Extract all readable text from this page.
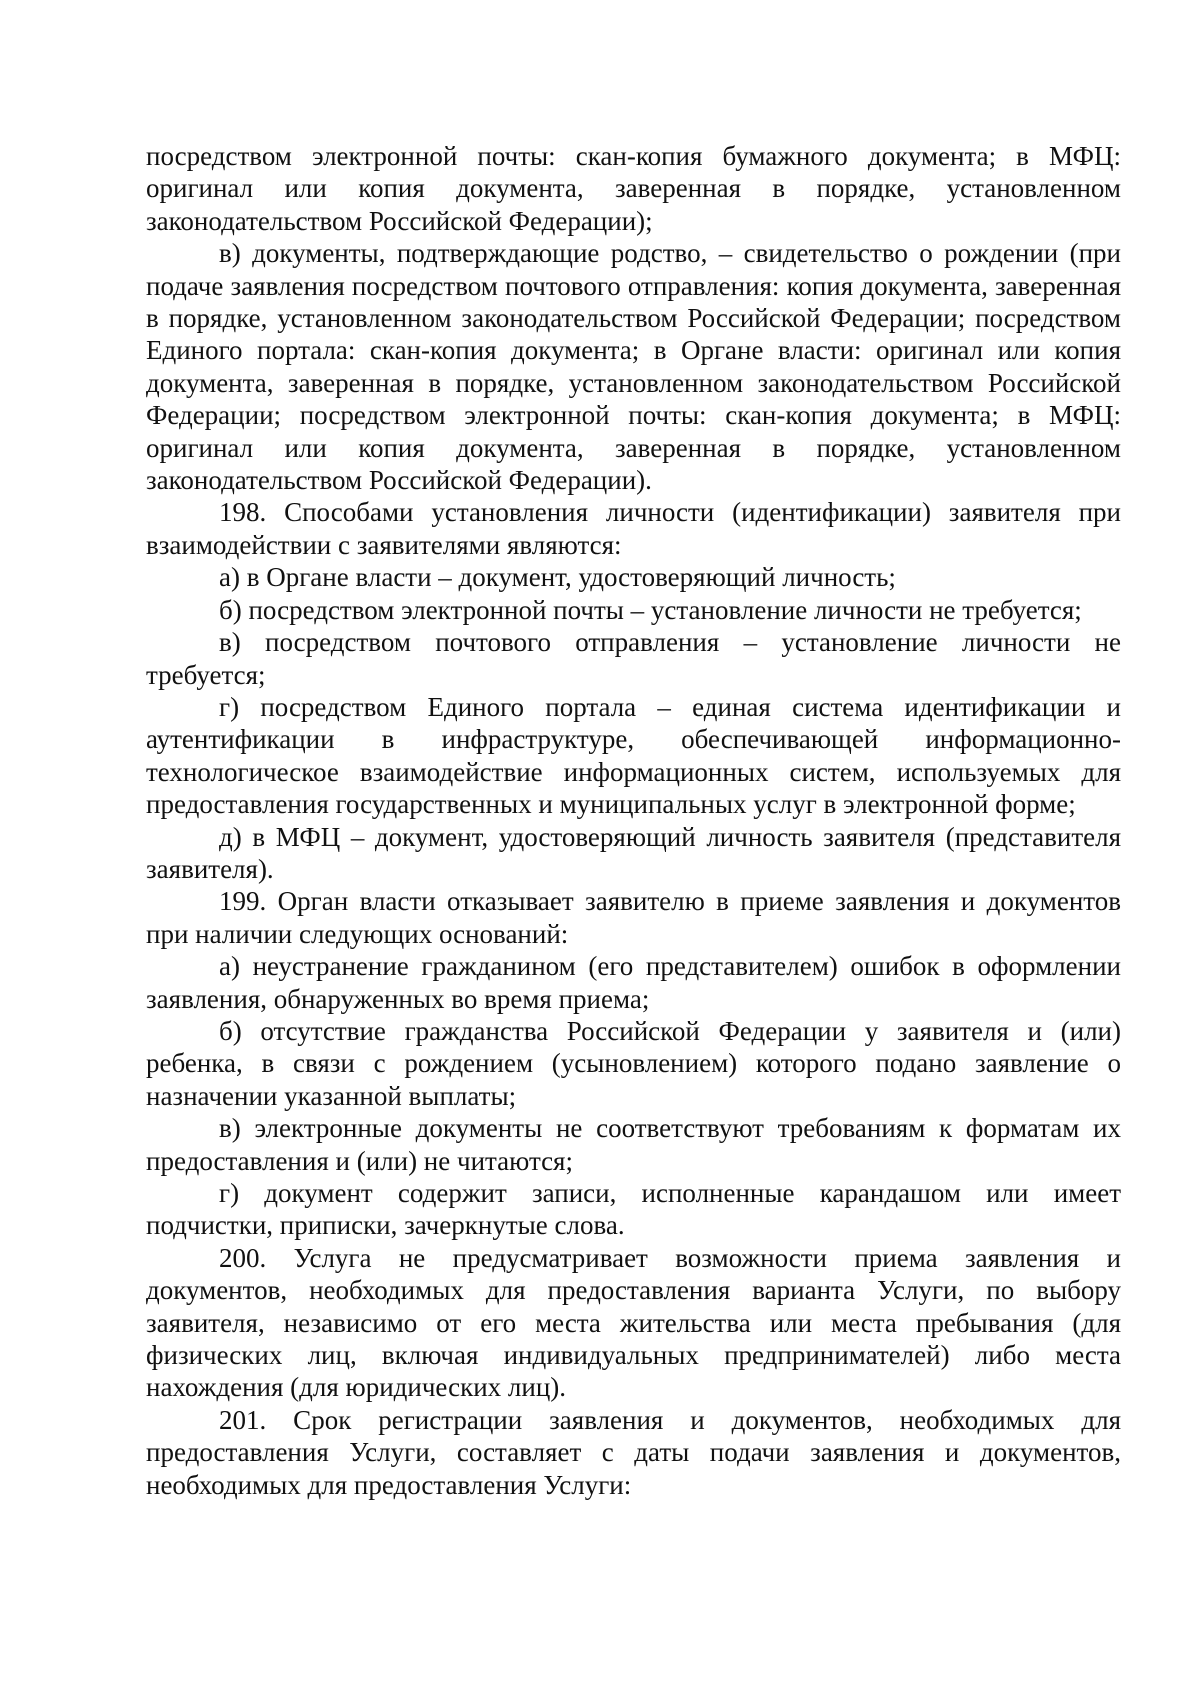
посредством электронной почты: скан-копия бумажного документа; в МФЦ: оригинал или копия документа, заверенная в порядке, установленном законодательством Российской Федерации);

в) документы, подтверждающие родство, – свидетельство о рождении (при подаче заявления посредством почтового отправления: копия документа, заверенная в порядке, установленном законодательством Российской Федерации; посредством Единого портала: скан-копия документа; в Органе власти: оригинал или копия документа, заверенная в порядке, установленном законодательством Российской Федерации; посредством электронной почты: скан-копия документа; в МФЦ: оригинал или копия документа, заверенная в порядке, установленном законодательством Российской Федерации).

198. Способами установления личности (идентификации) заявителя при взаимодействии с заявителями являются:

а) в Органе власти – документ, удостоверяющий личность;

б) посредством электронной почты – установление личности не требуется;

в) посредством почтового отправления – установление личности не требуется;

г) посредством Единого портала – единая система идентификации и аутентификации в инфраструктуре, обеспечивающей информационно-технологическое взаимодействие информационных систем, используемых для предоставления государственных и муниципальных услуг в электронной форме;

д) в МФЦ – документ, удостоверяющий личность заявителя (представителя заявителя).

199. Орган власти отказывает заявителю в приеме заявления и документов при наличии следующих оснований:

а) неустранение гражданином (его представителем) ошибок в оформлении заявления, обнаруженных во время приема;

б) отсутствие гражданства Российской Федерации у заявителя и (или) ребенка, в связи с рождением (усыновлением) которого подано заявление о назначении указанной выплаты;

в) электронные документы не соответствуют требованиям к форматам их предоставления и (или) не читаются;

г) документ содержит записи, исполненные карандашом или имеет подчистки, приписки, зачеркнутые слова.

200. Услуга не предусматривает возможности приема заявления и документов, необходимых для предоставления варианта Услуги, по выбору заявителя, независимо от его места жительства или места пребывания (для физических лиц, включая индивидуальных предпринимателей) либо места нахождения (для юридических лиц).

201. Срок регистрации заявления и документов, необходимых для предоставления Услуги, составляет с даты подачи заявления и документов, необходимых для предоставления Услуги:
